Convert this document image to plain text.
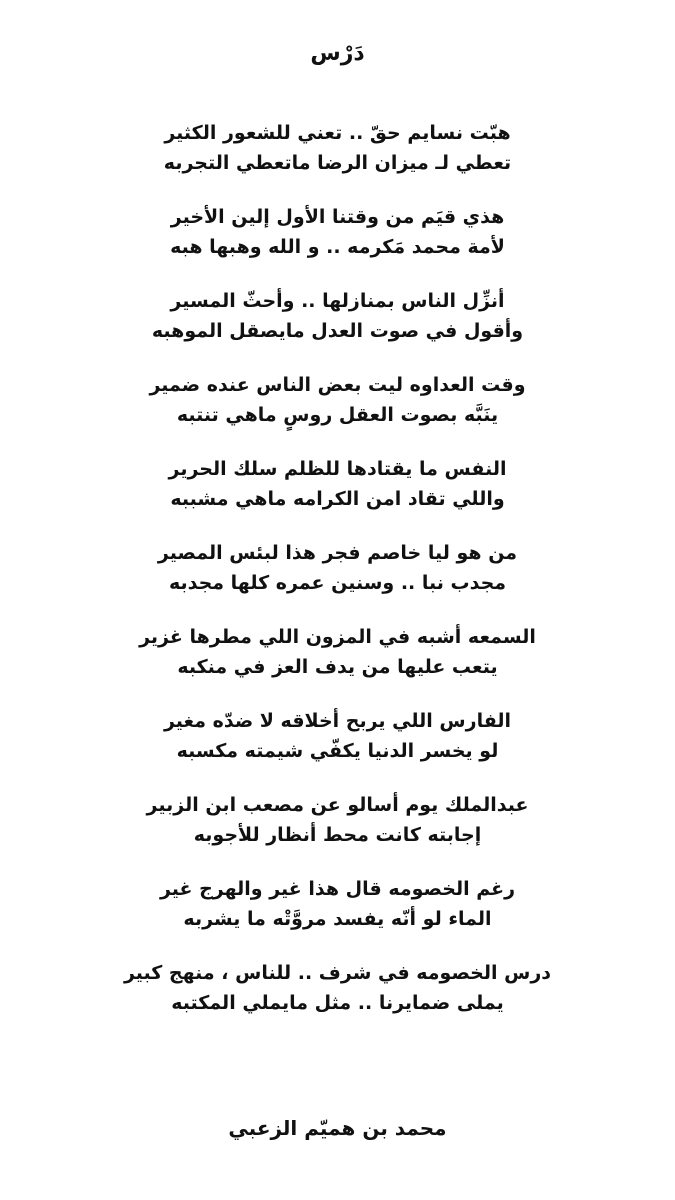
دَرْس
هبّت نسايم حقّ .. تعني للشعور الكثير
تعطي لـ ميزان الرضا ماتعطي التجربه
هذي قيَم من وقتنا الأول إلين الأخير
لأمة محمد مَكرمه .. و الله وهبها هبه
أنزِّل الناس بمنازلها .. وأحثّ المسير
وأقول في صوت العدل مايصقل الموهبه
وقت العداوه ليت بعض الناس عنده ضمير
ينَبَّه بصوت العقل روسٍ ماهي تنتبه
النفس ما يقتادها للظلم سلك الحرير
واللي تقاد امن الكرامه ماهي مشببه
من هو ليا خاصم فجر هذا لبئس المصير
مجدب نبا .. وسنين عمره كلها مجدبه
السمعه أشبه في المزون اللي مطرها غزير
يتعب عليها من يدف العز في منكبه
الفارس اللي يربح أخلاقه لا ضدّه مغير
لو يخسر الدنيا يكفّي شيمته مكسبه
عبدالملك يوم أسالو عن مصعب ابن الزبير
إجابته كانت محط أنظار للأجوبه
رغم الخصومه قال هذا غير والهرج غير
الماء لو أنّه يفسد مروَّتْه ما يشربه
درس الخصومه في شرف .. للناس ، منهج كبير
يملى ضمايرنا .. مثل مايملي المكتبه
محمد بن هميّم الزعبي
